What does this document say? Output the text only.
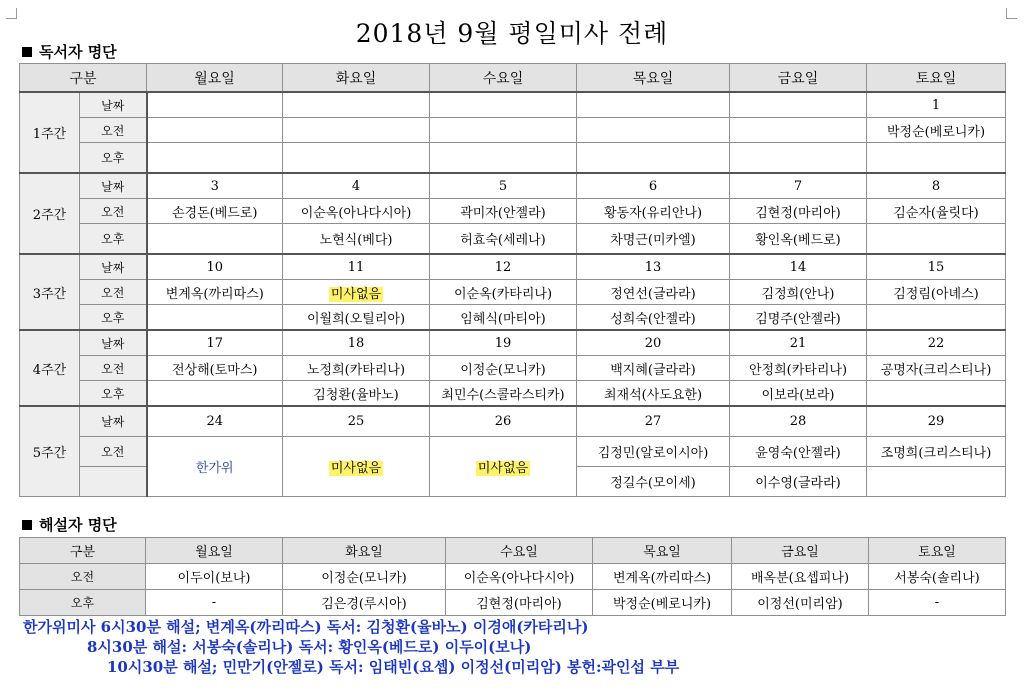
2018년 9월 평일미사 전례
독서자 명단
구분		월요일	화요일	수요일	목요일	금요일	토요일
1주간	날짜						1
	오전						박정순(베로니카)
	오후						
2주간	날짜	3	4	5	6	7	8
	오전	손경돈(베드로)	이순옥(아나다시아)	곽미자(안젤라)	황동자(유리안나)	김현정(마리아)	김순자(율릿다)
	오후		노현식(베다)	허효숙(세레나)	차명근(미카엘)	황인옥(베드로)	
3주간	날짜	10	11	12	13	14	15
	오전	변계옥(까리따스)	미사없음	이순옥(카타리나)	정연선(글라라)	김정희(안나)	김정림(아녜스)
	오후		이월희(오틸리아)	임혜식(마티아)	성희숙(안젤라)	김명주(안젤라)	
4주간	날짜	17	18	19	20	21	22
	오전	전상해(토마스)	노정희(카타리나)	이정순(모니카)	백지혜(글라라)	안정희(카타리나)	공명자(크리스티나)
	오후		김청환(율바노)	최민수(스콜라스티카)	최재석(사도요한)	이보라(보라)	
5주간	날짜	24	25	26	27	28	29
	오전	한가위	미사없음	미사없음	김정민(알로이시아)	윤영숙(안젤라)	조명희(크리스티나)
					정길수(모이세)	이수영(글라라)	
해설자 명단
구분	월요일	화요일	수요일	목요일	금요일	토요일
오전	이두이(보나)	이정순(모니카)	이순옥(아나다시아)	변계옥(까리따스)	배옥분(요셉피나)	서봉숙(솔리나)
오후	-	김은경(루시아)	김현정(마리아)	박정순(베로니카)	이정선(미리암)	-
한가위미사 6시30분 해설; 변계옥(까리따스) 독서: 김청환(율바노) 이경애(카타리나)
8시30분 해설: 서봉숙(솔리나) 독서: 황인옥(베드로) 이두이(보나)
10시30분 해설; 민만기(안젤로) 독서: 임태빈(요셉) 이정선(미리암) 봉헌:곽인섭 부부
